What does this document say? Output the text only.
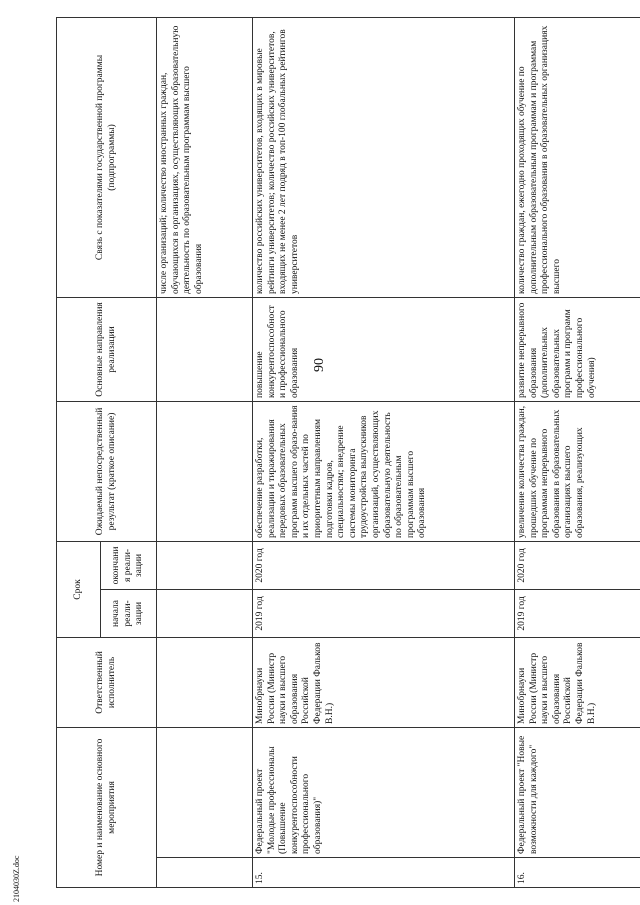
90
2104030Z.doc
Номер и наименование основного мероприятия		Ответственный исполнитель	Срок		Ожидаемый непосредственный результат (краткое описание)	Основные направления реализации	Связь с показателями государственной программы (подпрограммы)
			начала реали-зации	окончания реали-зации			
							числе организаций; количество иностранных граждан, обучающихся в организациях, осуществляющих образовательную деятельность по образовательным программам высшего образования
15.	Федеральный проект "Молодые профессионалы (Повышение конкурентоспособности профессионального образования)"	Минобрнауки России (Министр науки и высшего образования Российской Федерации Фальков В.Н.)	2019 год	2020 год	обеспечение разработки, реализации и тиражирования передовых образовательных программ высшего образо-вания и их отдельных частей по приоритетным направлениям подготовки кадров, специальностям; внедрение системы мониторинга трудоустройства выпускников организаций, осуществляющих образовательную деятельность по образовательным программам высшего образования	повышение конкурентоспособности профессионального образования	количество российских университетов, входящих в мировые рейтинги университетов; количество российских университетов, входящих не менее 2 лет подряд в топ-100 глобальных рейтингов университетов
16.	Федеральный проект "Новые возможности для каждого"	Минобрнауки России (Министр науки и высшего образования Российской Федерации Фальков В.Н.)	2019 год	2020 год	увеличение количества граждан, прошедших обучение по программам непрерывного образования в образовательных организациях высшего образования, реализующих	развитие непрерывного образования (дополнительных образовательных программ и программ профессионального обучения)	количество граждан, ежегодно проходящих обучение по дополнительным образовательным программам и программам профессионального образования в образовательных организациях высшего
